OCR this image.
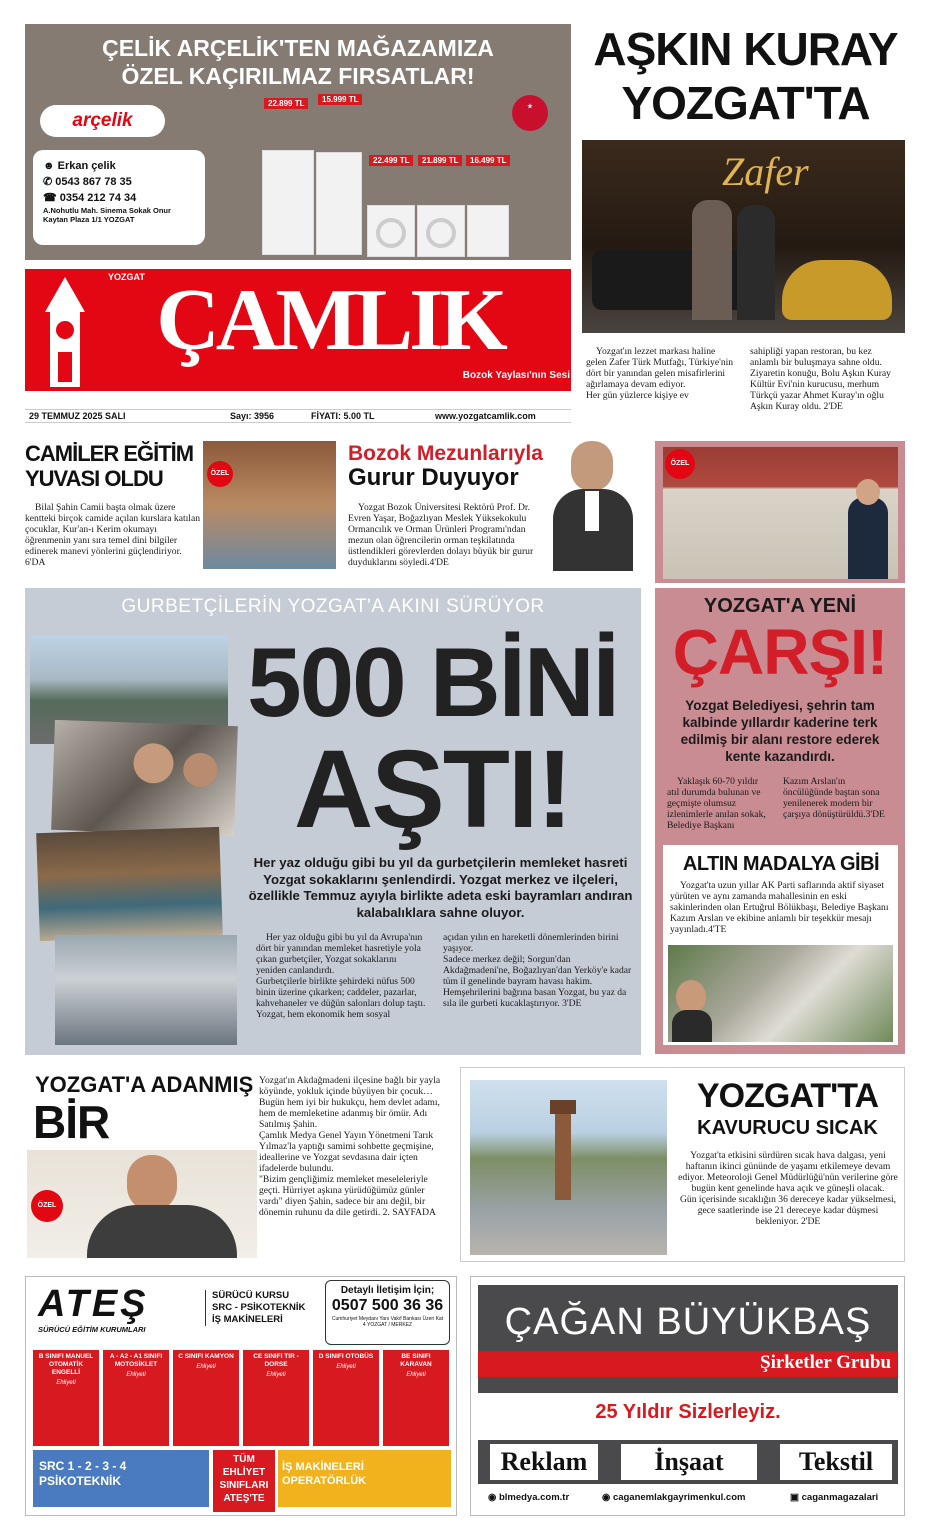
ÇELİK ARÇELİK'TEN MAĞAZAMIZA
ÖZEL KAÇIRILMAZ FIRSATLAR!
arçelik
☻ Erkan çelik
✆ 0543 867 78 35
☎ 0354 212 74 34
A.Nohutlu Mah. Sinema Sokak Onur Kaytan Plaza 1/1 YOZGAT
★
22.899 TL	15.999 TL
22.499 TL	21.899 TL	16.499 TL
YOZGAT ÇAMLIK
Bozok Yaylası'nın Sesi
29 TEMMUZ 2025 SALI	Sayı: 3956	FİYATI: 5.00 TL	www.yozgatcamlik.com
AŞKIN KURAY
YOZGAT'TA
Zafer
Yozgat'ın lezzet markası haline gelen Zafer Türk Mutfağı, Türkiye'nin dört bir yanından gelen misafirlerini ağırlamaya devam ediyor.
Her gün yüzlerce kişiye ev
sahipliği yapan restoran, bu kez anlamlı bir buluşmaya sahne oldu.
Ziyaretin konuğu, Bolu Aşkın Kuray Kültür Evi'nin kurucusu, merhum Türkçü yazar Ahmet Kuray'ın oğlu Aşkın Kuray oldu. 2'DE
CAMİLER EĞİTİM
YUVASI OLDU
Bilal Şahin Camii başta olmak üzere kentteki birçok camide açılan kurslara katılan çocuklar, Kur'an-ı Kerim okumayı öğrenmenin yanı sıra temel dini bilgiler edinerek manevi yönlerini güçlendiriyor. 6'DA
ÖZEL
Bozok Mezunlarıyla
Gurur Duyuyor
Yozgat Bozok Üniversitesi Rektörü Prof. Dr. Evren Yaşar, Boğazlıyan Meslek Yüksekokulu Ormancılık ve Orman Ürünleri Programı'ndan mezun olan öğrencilerin orman teşkilatında üstlendikleri görevlerden dolayı büyük bir gurur duyduklarını söyledi.4'DE
ÖZEL
GURBETÇİLERİN YOZGAT'A AKINI SÜRÜYOR
500 BİNİ
AŞTI!
Her yaz olduğu gibi bu yıl da gurbetçilerin memleket hasreti Yozgat sokaklarını şenlendirdi. Yozgat merkez ve ilçeleri, özellikle Temmuz ayıyla birlikte adeta eski bayramları andıran kalabalıklara sahne oluyor.
Her yaz olduğu gibi bu yıl da Avrupa'nın dört bir yanından memleket hasretiyle yola çıkan gurbetçiler, Yozgat sokaklarını yeniden canlandırdı.
Gurbetçilerle birlikte şehirdeki nüfus 500 binin üzerine çıkarken; caddeler, pazarlar, kahvehaneler ve düğün salonları dolup taştı.
Yozgat, hem ekonomik hem sosyal
açıdan yılın en hareketli dönemlerinden birini yaşıyor.
Sadece merkez değil; Sorgun'dan Akdağmadeni'ne, Boğazlıyan'dan Yerköy'e kadar tüm il genelinde bayram havası hakim.
Hemşehrilerini bağrına basan Yozgat, bu yaz da sıla ile gurbeti kucaklaştırıyor. 3'DE
YOZGAT'A YENİ
ÇARŞI!
Yozgat Belediyesi, şehrin tam kalbinde yıllardır kaderine terk edilmiş bir alanı restore ederek kente kazandırdı.
Yaklaşık 60-70 yıldır atıl durumda bulunan ve geçmişte olumsuz izlenimlerle anılan sokak, Belediye Başkanı
Kazım Arslan'ın öncülüğünde baştan sona yenilenerek modern bir çarşıya dönüştürüldü.3'DE
ALTIN MADALYA GİBİ
Yozgat'ta uzun yıllar AK Parti saflarında aktif siyaset yürüten ve aynı zamanda mahallesinin en eski sakinlerinden olan Ertuğrul Bölükbaşı, Belediye Başkanı Kazım Arslan ve ekibine anlamlı bir teşekkür mesajı yayınladı.4'TE
YOZGAT'A ADANMIŞ
BİR
ÖZEL
Yozgat'ın Akdağmadeni ilçesine bağlı bir yayla köyünde, yokluk içinde büyüyen bir çocuk…
Bugün hem iyi bir hukukçu, hem devlet adamı, hem de memleketine adanmış bir ömür. Adı Satılmış Şahin.
Çamlık Medya Genel Yayın Yönetmeni Tarık Yılmaz'la yaptığı samimi sohbette geçmişine, ideallerine ve Yozgat sevdasına dair içten ifadelerde bulundu.
"Bizim gençliğimiz memleket meseleleriyle geçti. Hürriyet aşkına yürüdüğümüz günler vardı" diyen Şahin, sadece bir anı değil, bir dönemin ruhunu da dile getirdi. 2. SAYFADA
YOZGAT'TA
KAVURUCU SICAK
Yozgat'ta etkisini sürdüren sıcak hava dalgası, yeni haftanın ikinci gününde de yaşamı etkilemeye devam ediyor. Meteoroloji Genel Müdürlüğü'nün verilerine göre bugün kent genelinde hava açık ve güneşli olacak.
Gün içerisinde sıcaklığın 36 dereceye kadar yükselmesi, gece saatlerinde ise 21 dereceye kadar düşmesi bekleniyor. 2'DE
ATEŞ
SÜRÜCÜ EĞİTİM KURUMLARI
SÜRÜCÜ KURSU
SRC - PSİKOTEKNİK
İŞ MAKİNELERİ
Detaylı İletişim İçin;
0507 500 36 36
Cumhuriyet Meydanı Yanı Vakıf Bankası Üzeri Kat 4 YOZGAT / MERKEZ
B SINIFI MANUEL OTOMATİK ENGELLİ
Ehliyeti
A - A2 - A1 SINIFI MOTOSİKLET
Ehliyeti
C SINIFI KAMYON
Ehliyeti
CE SINIFI TIR - DORSE
Ehliyeti
D SINIFI OTOBÜS
Ehliyeti
BE SINIFI KARAVAN
Ehliyeti
SRC 1 - 2 - 3 - 4
PSİKOTEKNİK
TÜM
EHLİYET
SINIFLARI
ATEŞ'TE
İŞ MAKİNELERİ
OPERATÖRLÜK
ÇAĞAN BÜYÜKBAŞ
Şirketler Grubu
25 Yıldır Sizlerleyiz.
Reklam	İnşaat	Tekstil
◉ blmedya.com.tr	◉ caganemlakgayrimenkul.com	▣ caganmagazalari
